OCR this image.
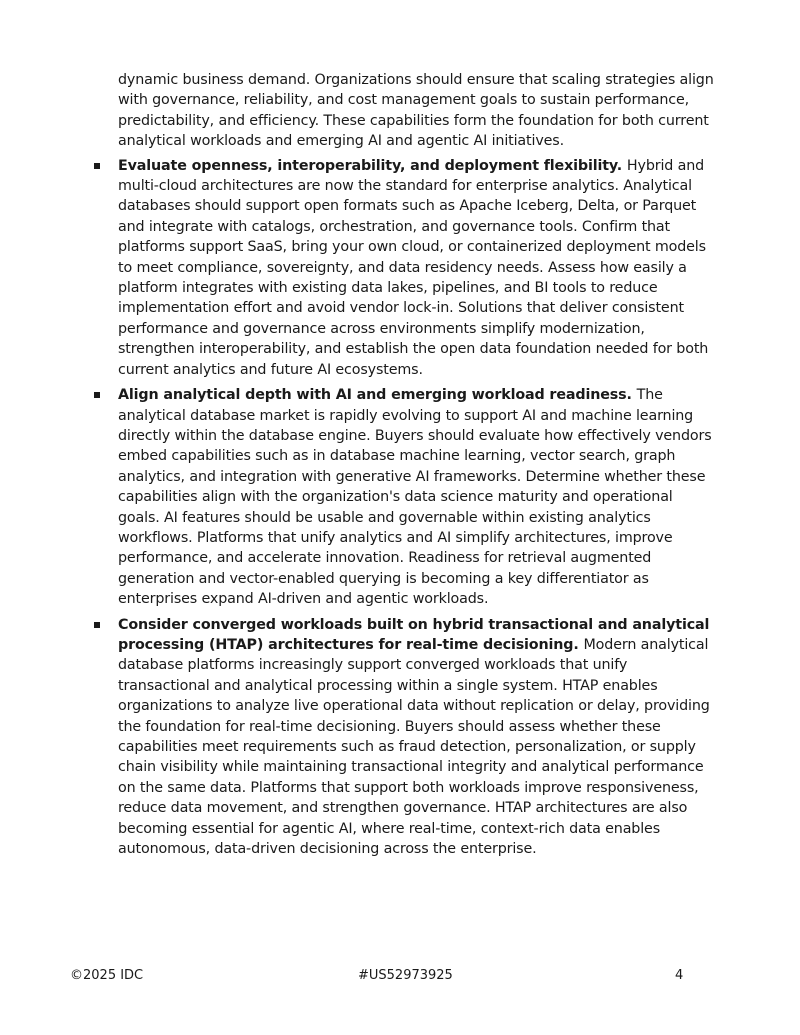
dynamic business demand. Organizations should ensure that scaling strategies align with governance, reliability, and cost management goals to sustain performance, predictability, and efficiency. These capabilities form the foundation for both current analytical workloads and emerging AI and agentic AI initiatives.

Evaluate openness, interoperability, and deployment flexibility. Hybrid and multi-cloud architectures are now the standard for enterprise analytics. Analytical databases should support open formats such as Apache Iceberg, Delta, or Parquet and integrate with catalogs, orchestration, and governance tools. Confirm that platforms support SaaS, bring your own cloud, or containerized deployment models to meet compliance, sovereignty, and data residency needs. Assess how easily a platform integrates with existing data lakes, pipelines, and BI tools to reduce implementation effort and avoid vendor lock-in. Solutions that deliver consistent performance and governance across environments simplify modernization, strengthen interoperability, and establish the open data foundation needed for both current analytics and future AI ecosystems.
Align analytical depth with AI and emerging workload readiness. The analytical database market is rapidly evolving to support AI and machine learning directly within the database engine. Buyers should evaluate how effectively vendors embed capabilities such as in database machine learning, vector search, graph analytics, and integration with generative AI frameworks. Determine whether these capabilities align with the organization's data science maturity and operational goals. AI features should be usable and governable within existing analytics workflows. Platforms that unify analytics and AI simplify architectures, improve performance, and accelerate innovation. Readiness for retrieval augmented generation and vector-enabled querying is becoming a key differentiator as enterprises expand AI-driven and agentic workloads.
Consider converged workloads built on hybrid transactional and analytical processing (HTAP) architectures for real-time decisioning. Modern analytical database platforms increasingly support converged workloads that unify transactional and analytical processing within a single system. HTAP enables organizations to analyze live operational data without replication or delay, providing the foundation for real-time decisioning. Buyers should assess whether these capabilities meet requirements such as fraud detection, personalization, or supply chain visibility while maintaining transactional integrity and analytical performance on the same data. Platforms that support both workloads improve responsiveness, reduce data movement, and strengthen governance. HTAP architectures are also becoming essential for agentic AI, where real-time, context-rich data enables autonomous, data-driven decisioning across the enterprise.
©2025 IDC	#US52973925	4
